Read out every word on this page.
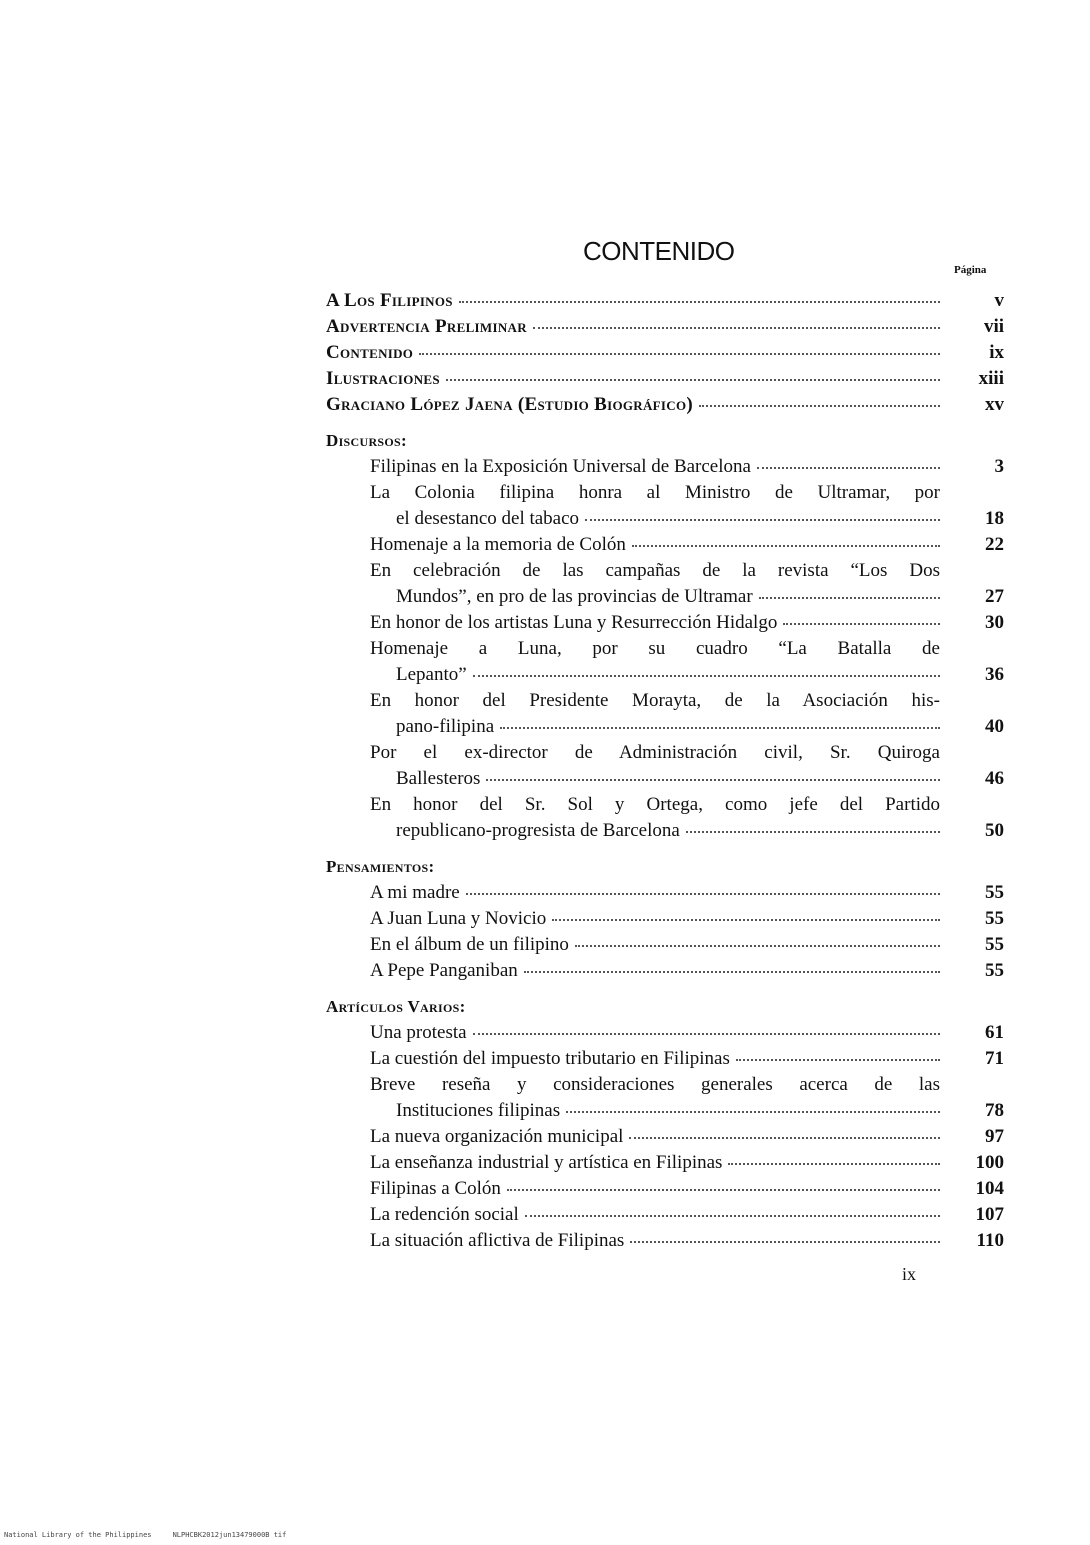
CONTENIDO
Página
A Los Filipinos	v
Advertencia Preliminar	vii
Contenido	ix
Ilustraciones	xiii
Graciano López Jaena (Estudio Biográfico)	xv
Discursos:
Filipinas en la Exposición Universal de Barcelona	3
La Colonia filipina honra al Ministro de Ultramar, por
el desestanco del tabaco	18
Homenaje a la memoria de Colón	22
En celebración de las campañas de la revista “Los Dos
Mundos”, en pro de las provincias de Ultramar	27
En honor de los artistas Luna y Resurrección Hidalgo	30
Homenaje a Luna, por su cuadro “La Batalla de
Lepanto”	36
En honor del Presidente Morayta, de la Asociación his-
pano-filipina	40
Por el ex-director de Administración civil, Sr. Quiroga
Ballesteros	46
En honor del Sr. Sol y Ortega, como jefe del Partido
republicano-progresista de Barcelona	50
Pensamientos:
A mi madre	55
A Juan Luna y Novicio	55
En el álbum de un filipino	55
A Pepe Panganiban	55
Artículos Varios:
Una protesta	61
La cuestión del impuesto tributario en Filipinas	71
Breve reseña y consideraciones generales acerca de las
Instituciones filipinas	78
La nueva organización municipal	97
La enseñanza industrial y artística en Filipinas	100
Filipinas a Colón	104
La redención social	107
La situación aflictiva de Filipinas	110
ix
National Library of the Philippines     NLPHCBK2012jun13479000B tif
